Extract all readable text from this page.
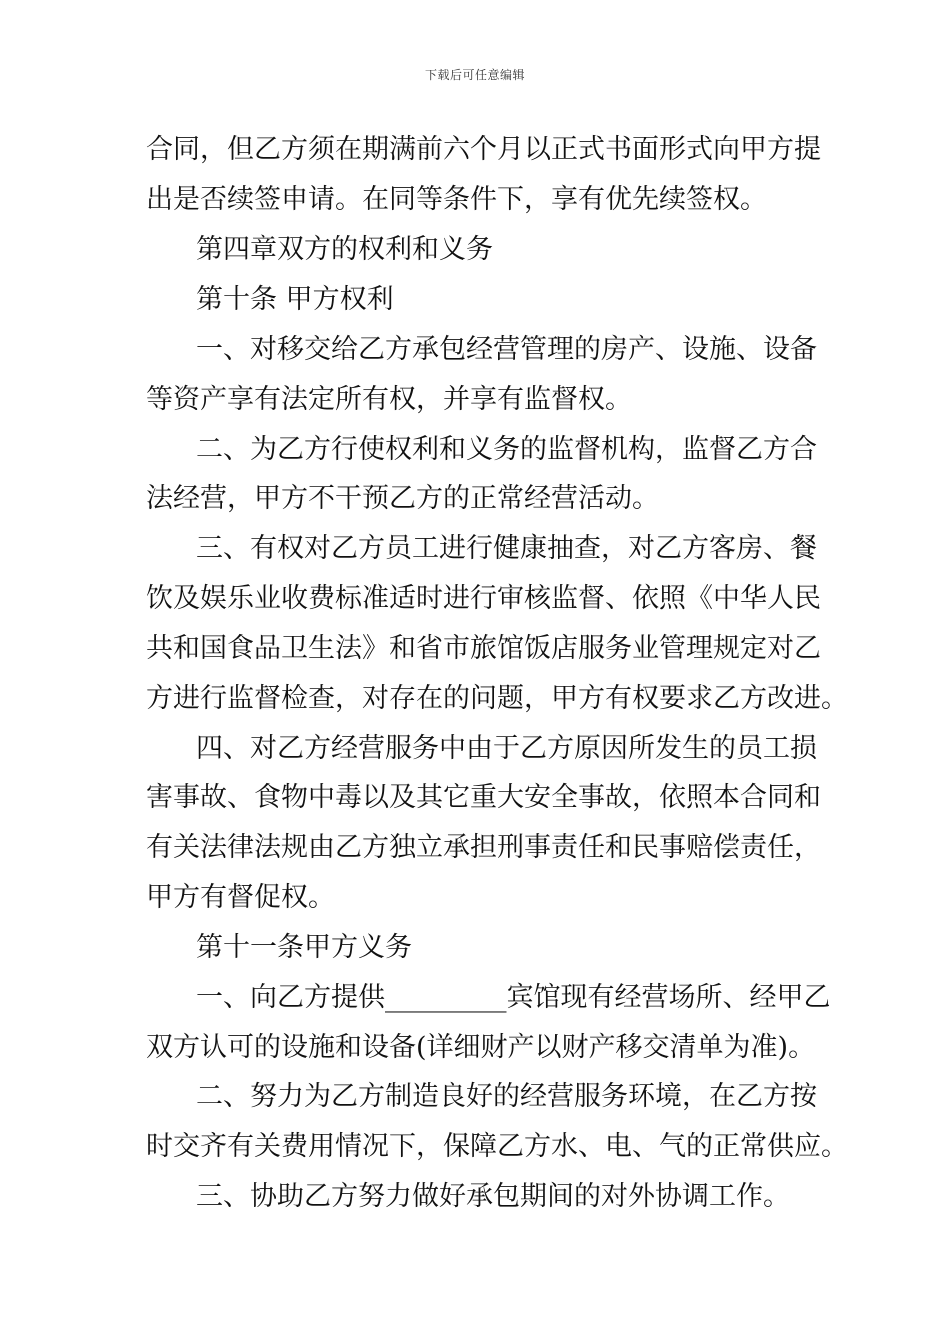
下载后可任意编辑
合同，但乙方须在期满前六个月以正式书面形式向甲方提
出是否续签申请。在同等条件下，享有优先续签权。
第四章双方的权利和义务
第十条 甲方权利
一、对移交给乙方承包经营管理的房产、设施、设备
等资产享有法定所有权，并享有监督权。
二、为乙方行使权利和义务的监督机构，监督乙方合
法经营，甲方不干预乙方的正常经营活动。
三、有权对乙方员工进行健康抽查，对乙方客房、餐
饮及娱乐业收费标准适时进行审核监督、依照《中华人民
共和国食品卫生法》和省市旅馆饭店服务业管理规定对乙
方进行监督检查，对存在的问题，甲方有权要求乙方改进。
四、对乙方经营服务中由于乙方原因所发生的员工损
害事故、食物中毒以及其它重大安全事故，依照本合同和
有关法律法规由乙方独立承担刑事责任和民事赔偿责任，
甲方有督促权。
第十一条甲方义务
一、向乙方提供_________宾馆现有经营场所、经甲乙
双方认可的设施和设备(详细财产以财产移交清单为准)。
二、努力为乙方制造良好的经营服务环境，在乙方按
时交齐有关费用情况下，保障乙方水、电、气的正常供应。
三、协助乙方努力做好承包期间的对外协调工作。
